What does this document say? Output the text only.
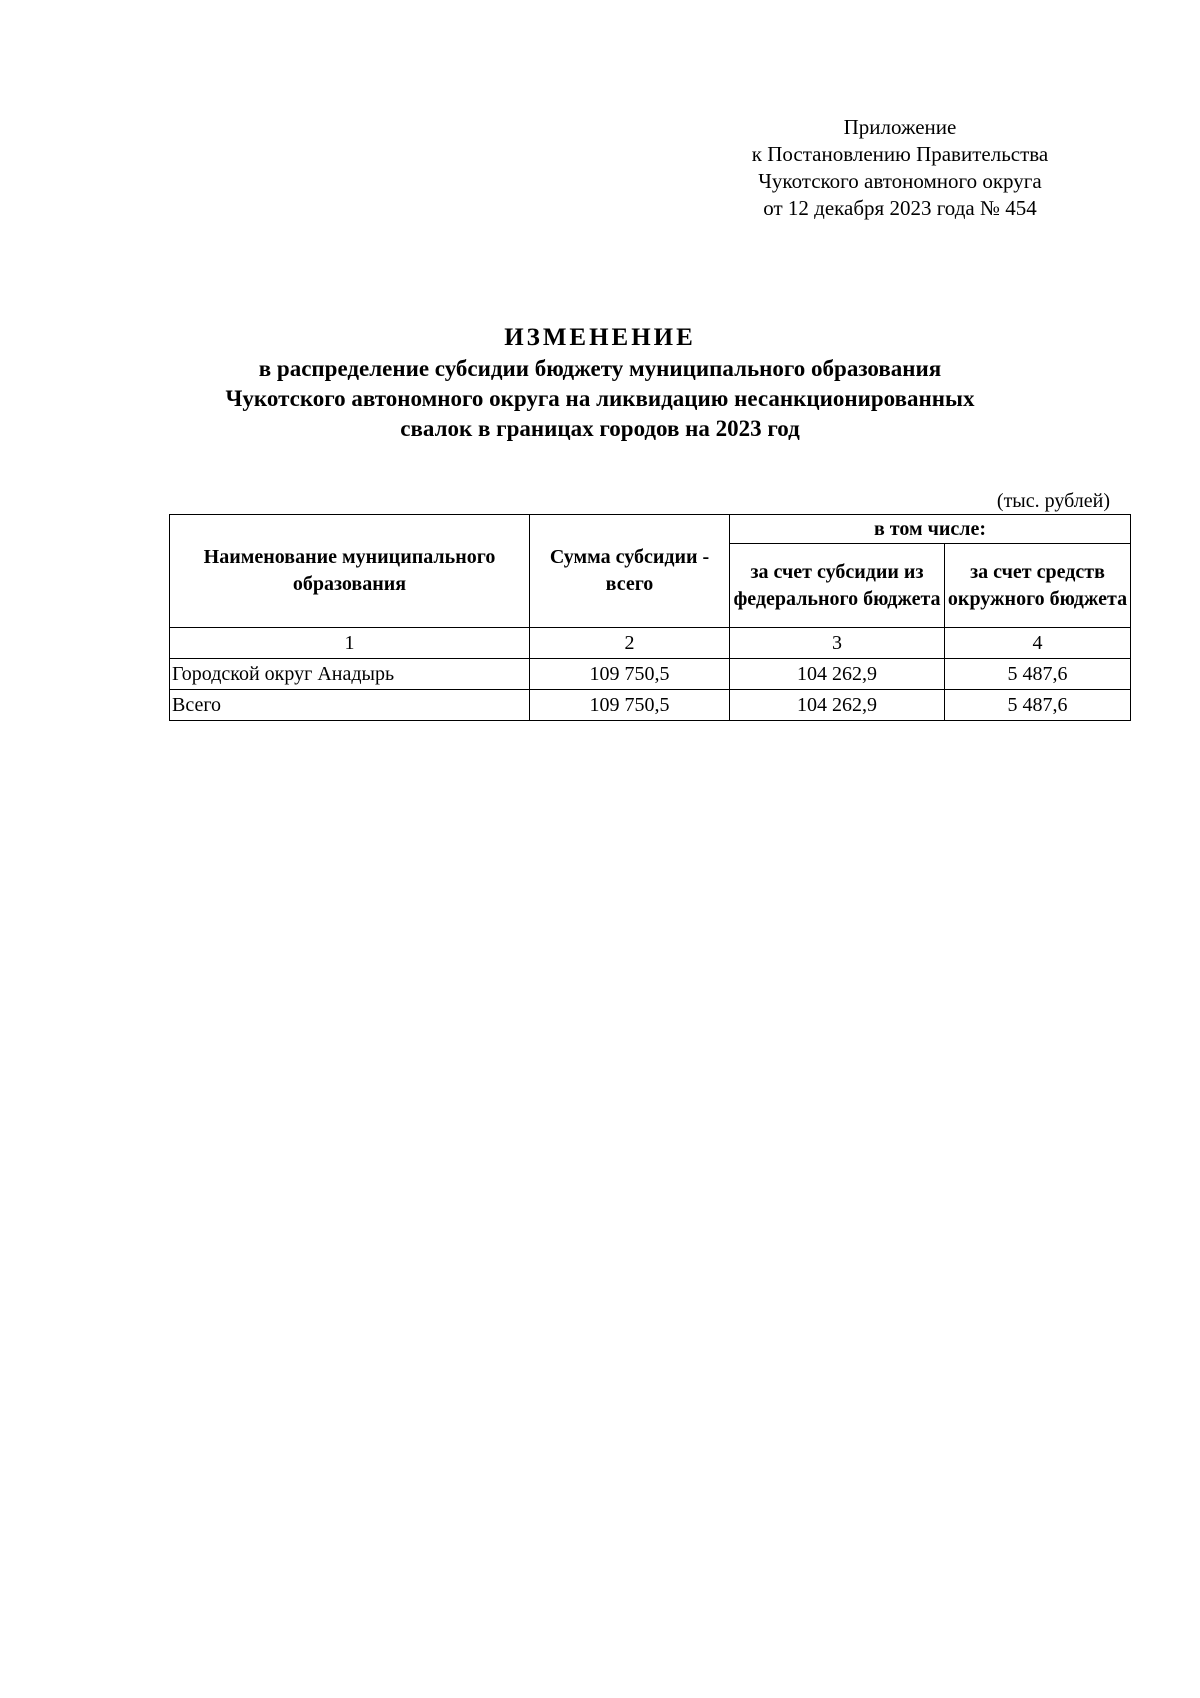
Приложение
к Постановлению Правительства
Чукотского автономного округа
от 12 декабря 2023 года № 454
ИЗМЕНЕНИЕ
в распределение субсидии бюджету муниципального образования
Чукотского автономного округа на ликвидацию несанкционированных
свалок в границах городов на 2023 год
(тыс. рублей)
Наименование муниципального образования	Сумма субсидии - всего	в том числе:	
		за счет субсидии из федерального бюджета	за счет средств окружного бюджета
1	2	3	4
Городской округ Анадырь	109 750,5	104 262,9	5 487,6
Всего	109 750,5	104 262,9	5 487,6
